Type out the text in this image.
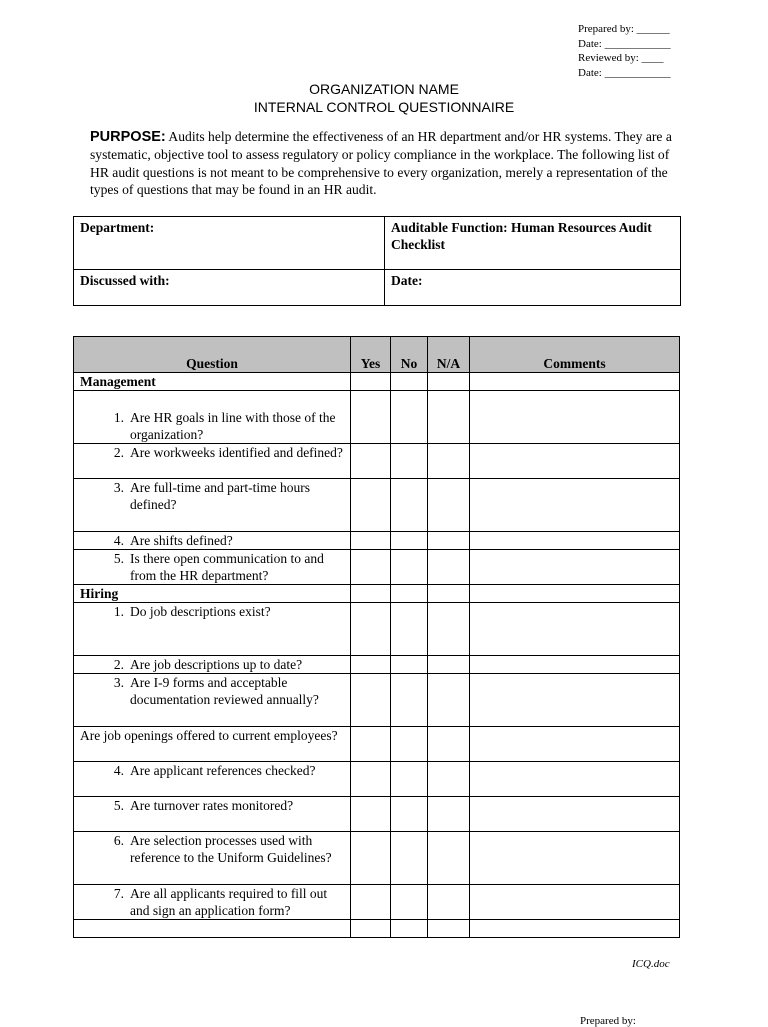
Prepared by: ______
Date: ____________
Reviewed by: ____
Date: ____________
ORGANIZATION NAME
INTERNAL CONTROL QUESTIONNAIRE
PURPOSE: Audits help determine the effectiveness of an HR department and/or HR systems. They are a systematic, objective tool to assess regulatory or policy compliance in the workplace. The following list of HR audit questions is not meant to be comprehensive to every organization, merely a representation of the types of questions that may be found in an HR audit.
Department:	Auditable Function: Human Resources Audit Checklist
Discussed with:	Date:
Question	Yes	No	N/A	Comments
Management				

1. Are HR goals in line with those of the organization?				

2. Are workweeks identified and defined?				

3. Are full-time and part-time hours defined?				

4. Are shifts defined?				

5. Is there open communication to and from the HR department?				

Hiring				

1. Do job descriptions exist?				

2. Are job descriptions up to date?				

3. Are I-9 forms and acceptable documentation reviewed annually?				

Are job openings offered to current employees?				

4. Are applicant references checked?				

5. Are turnover rates monitored?				

6. Are selection processes used with reference to the Uniform Guidelines?				

7. Are all applicants required to fill out and sign an application form?				

ICQ.doc
Prepared by:
